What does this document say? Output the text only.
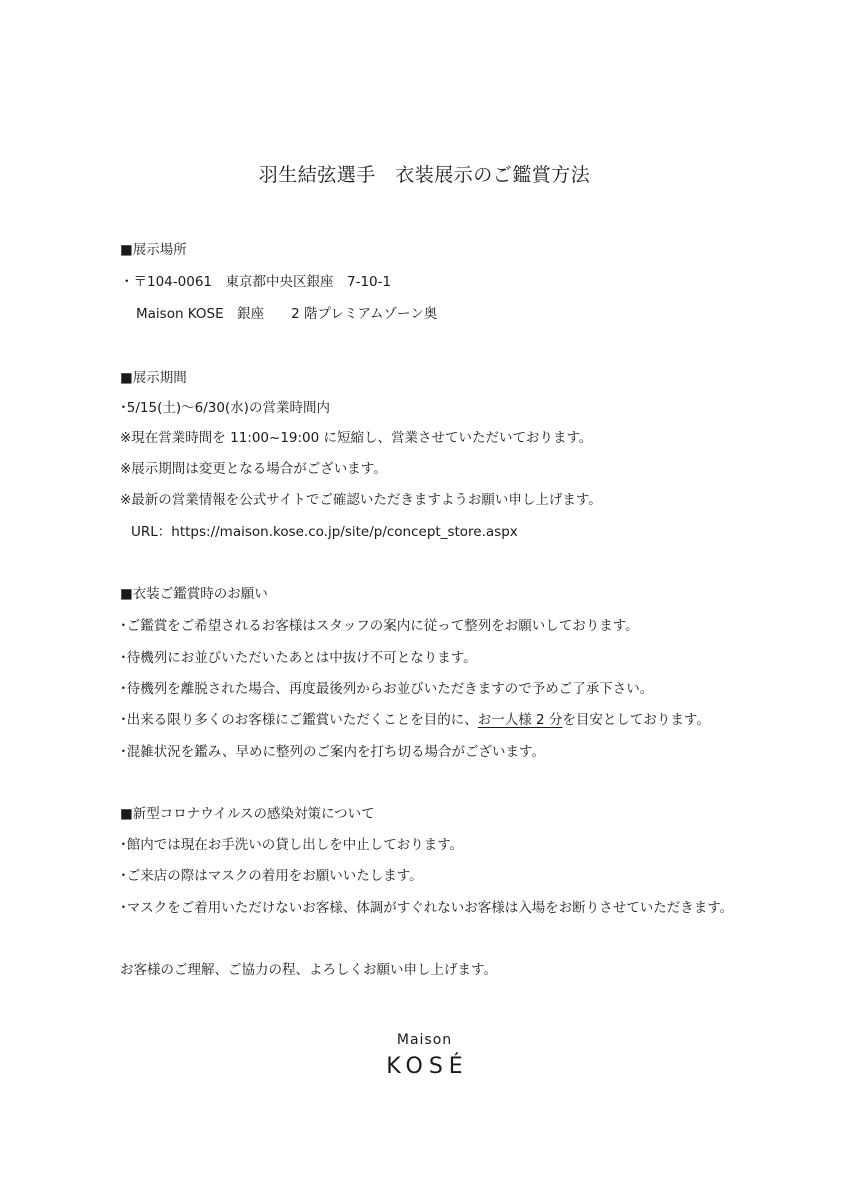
羽生結弦選手　衣装展示のご鑑賞方法
■展示場所
・〒104-0061　東京都中央区銀座　7-10-1
Maison KOSE　銀座　　2 階プレミアムゾーン奥
■展示期間
･5/15(土)～6/30(水)の営業時間内
※現在営業時間を 11:00~19:00 に短縮し、営業させていただいております。
※展示期間は変更となる場合がございます。
※最新の営業情報を公式サイトでご確認いただきますようお願い申し上げます。
URL：https://maison.kose.co.jp/site/p/concept_store.aspx
■衣装ご鑑賞時のお願い
･ご鑑賞をご希望されるお客様はスタッフの案内に従って整列をお願いしております。
･待機列にお並びいただいたあとは中抜け不可となります。
･待機列を離脱された場合、再度最後列からお並びいただきますので予めご了承下さい。
･出来る限り多くのお客様にご鑑賞いただくことを目的に、お一人様 2 分を目安としております。
･混雑状況を鑑み、早めに整列のご案内を打ち切る場合がございます。
■新型コロナウイルスの感染対策について
･館内では現在お手洗いの貸し出しを中止しております。
･ご来店の際はマスクの着用をお願いいたします。
･マスクをご着用いただけないお客様、体調がすぐれないお客様は入場をお断りさせていただきます。
お客様のご理解、ご協力の程、よろしくお願い申し上げます。
Maison
KOSÉ
